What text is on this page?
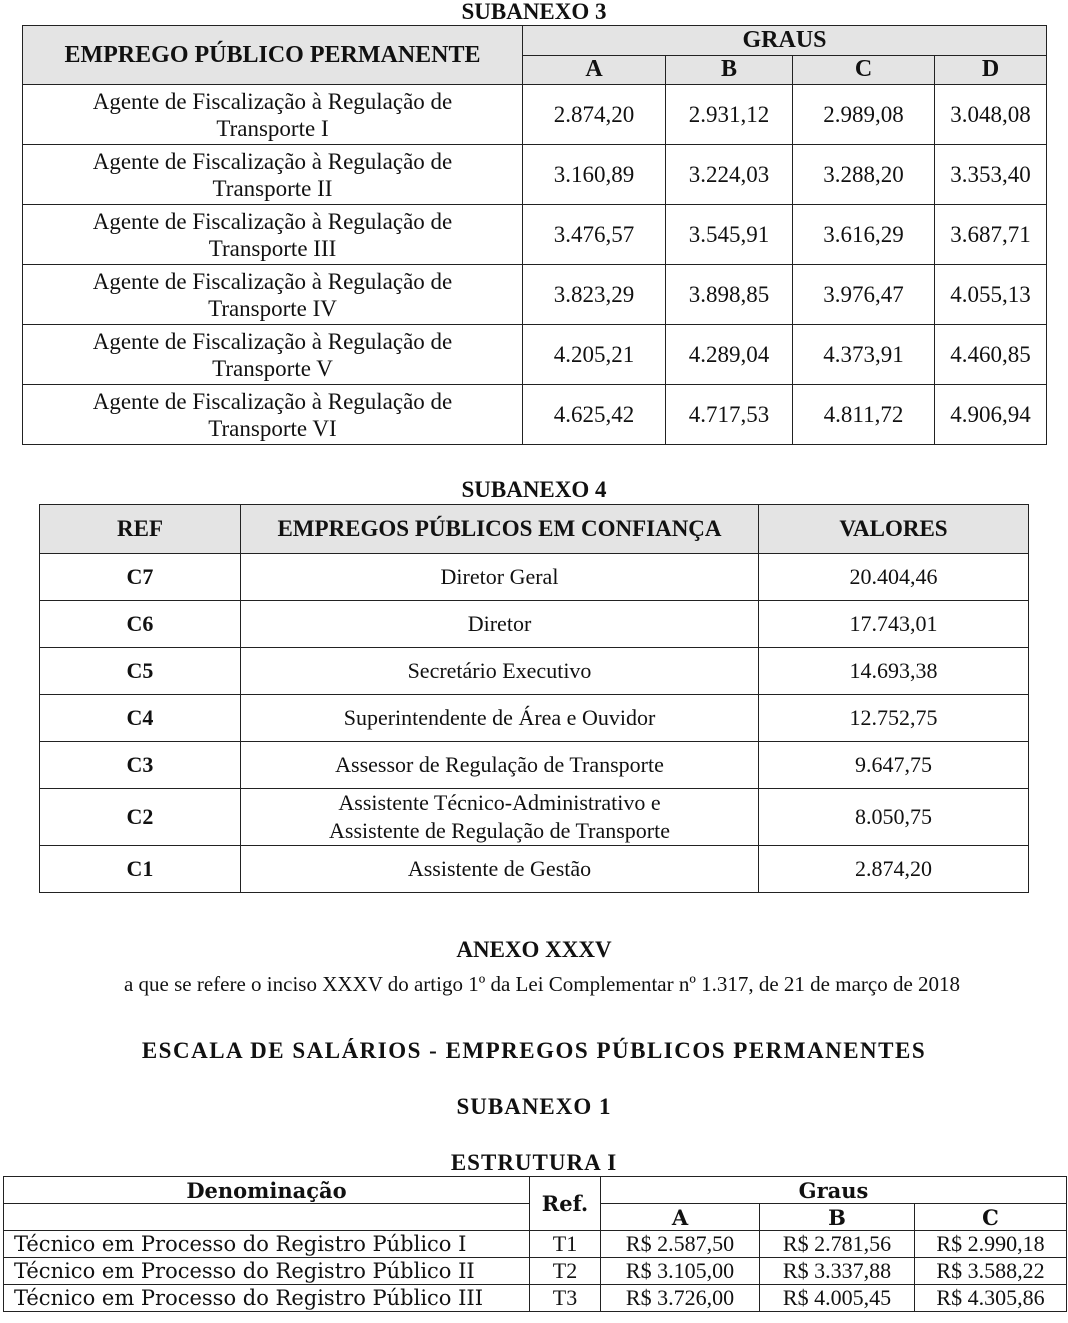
SUBANEXO 3
EMPREGO PÚBLICO PERMANENTE	GRAUS			
	A	B	C	D

Agente de Fiscalização à Regulação de
Transporte I	2.874,20	2.931,12	2.989,08	3.048,08

Agente de Fiscalização à Regulação de
Transporte II	3.160,89	3.224,03	3.288,20	3.353,40

Agente de Fiscalização à Regulação de
Transporte III	3.476,57	3.545,91	3.616,29	3.687,71

Agente de Fiscalização à Regulação de
Transporte IV	3.823,29	3.898,85	3.976,47	4.055,13

Agente de Fiscalização à Regulação de
Transporte V	4.205,21	4.289,04	4.373,91	4.460,85

Agente de Fiscalização à Regulação de
Transporte VI	4.625,42	4.717,53	4.811,72	4.906,94
SUBANEXO 4
REF	EMPREGOS PÚBLICOS EM CONFIANÇA	VALORES
C7	Diretor Geral	20.404,46
C6	Diretor	17.743,01
C5	Secretário Executivo	14.693,38
C4	Superintendente de Área e Ouvidor	12.752,75
C3	Assessor de Regulação de Transporte	9.647,75
C2	Assistente Técnico-Administrativo e
Assistente de Regulação de Transporte	8.050,75
C1	Assistente de Gestão	2.874,20
ANEXO XXXV
a que se refere o inciso XXXV do artigo 1º da Lei Complementar nº 1.317, de 21 de março de 2018
ESCALA DE SALÁRIOS - EMPREGOS PÚBLICOS PERMANENTES
SUBANEXO 1
ESTRUTURA I
Denominação	Ref.	Graus		
		A	B	C
Técnico em Processo do Registro Público I	T1	R$ 2.587,50	R$ 2.781,56	R$ 2.990,18
Técnico em Processo do Registro Público II	T2	R$ 3.105,00	R$ 3.337,88	R$ 3.588,22
Técnico em Processo do Registro Público III	T3	R$ 3.726,00	R$ 4.005,45	R$ 4.305,86
